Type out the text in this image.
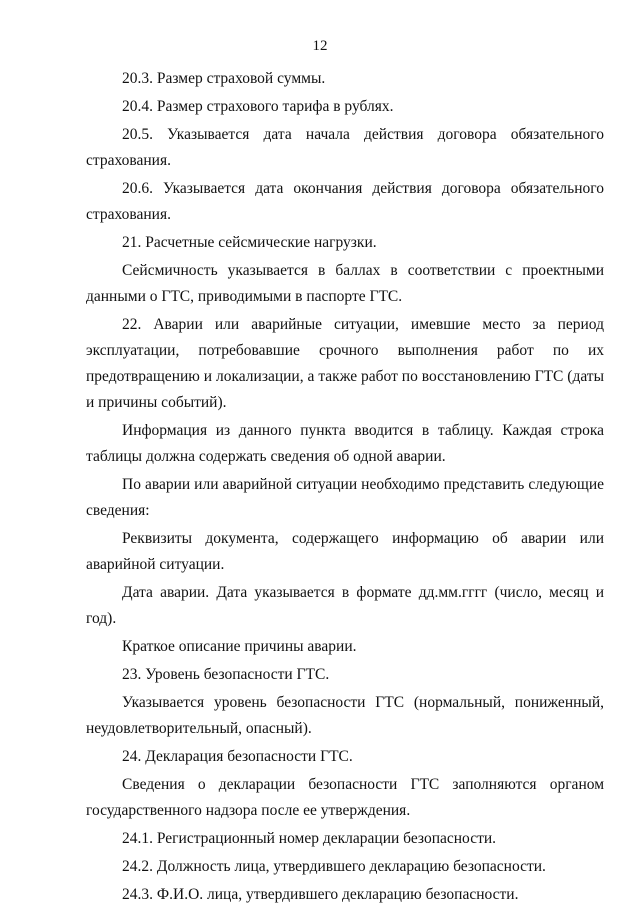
12

20.3. Размер страховой суммы.

20.4. Размер страхового тарифа в рублях.

20.5. Указывается дата начала действия договора обязательного страхования.

20.6. Указывается дата окончания действия договора обязательного страхования.

21. Расчетные сейсмические нагрузки.

Сейсмичность указывается в баллах в соответствии с проектными данными о ГТС, приводимыми в паспорте ГТС.

22. Аварии или аварийные ситуации, имевшие место за период эксплуатации, потребовавшие срочного выполнения работ по их предотвращению и локализации, а также работ по восстановлению ГТС (даты и причины событий).

Информация из данного пункта вводится в таблицу. Каждая строка таблицы должна содержать сведения об одной аварии.

По аварии или аварийной ситуации необходимо представить следующие сведения:

Реквизиты документа, содержащего информацию об аварии или аварийной ситуации.

Дата аварии. Дата указывается в формате дд.мм.гггг (число, месяц и год).

Краткое описание причины аварии.

23. Уровень безопасности ГТС.

Указывается уровень безопасности ГТС (нормальный, пониженный, неудовлетворительный, опасный).

24. Декларация безопасности ГТС.

Сведения о декларации безопасности ГТС заполняются органом государственного надзора после ее утверждения.

24.1. Регистрационный номер декларации безопасности.

24.2. Должность лица, утвердившего декларацию безопасности.

24.3. Ф.И.О. лица, утвердившего декларацию безопасности.
